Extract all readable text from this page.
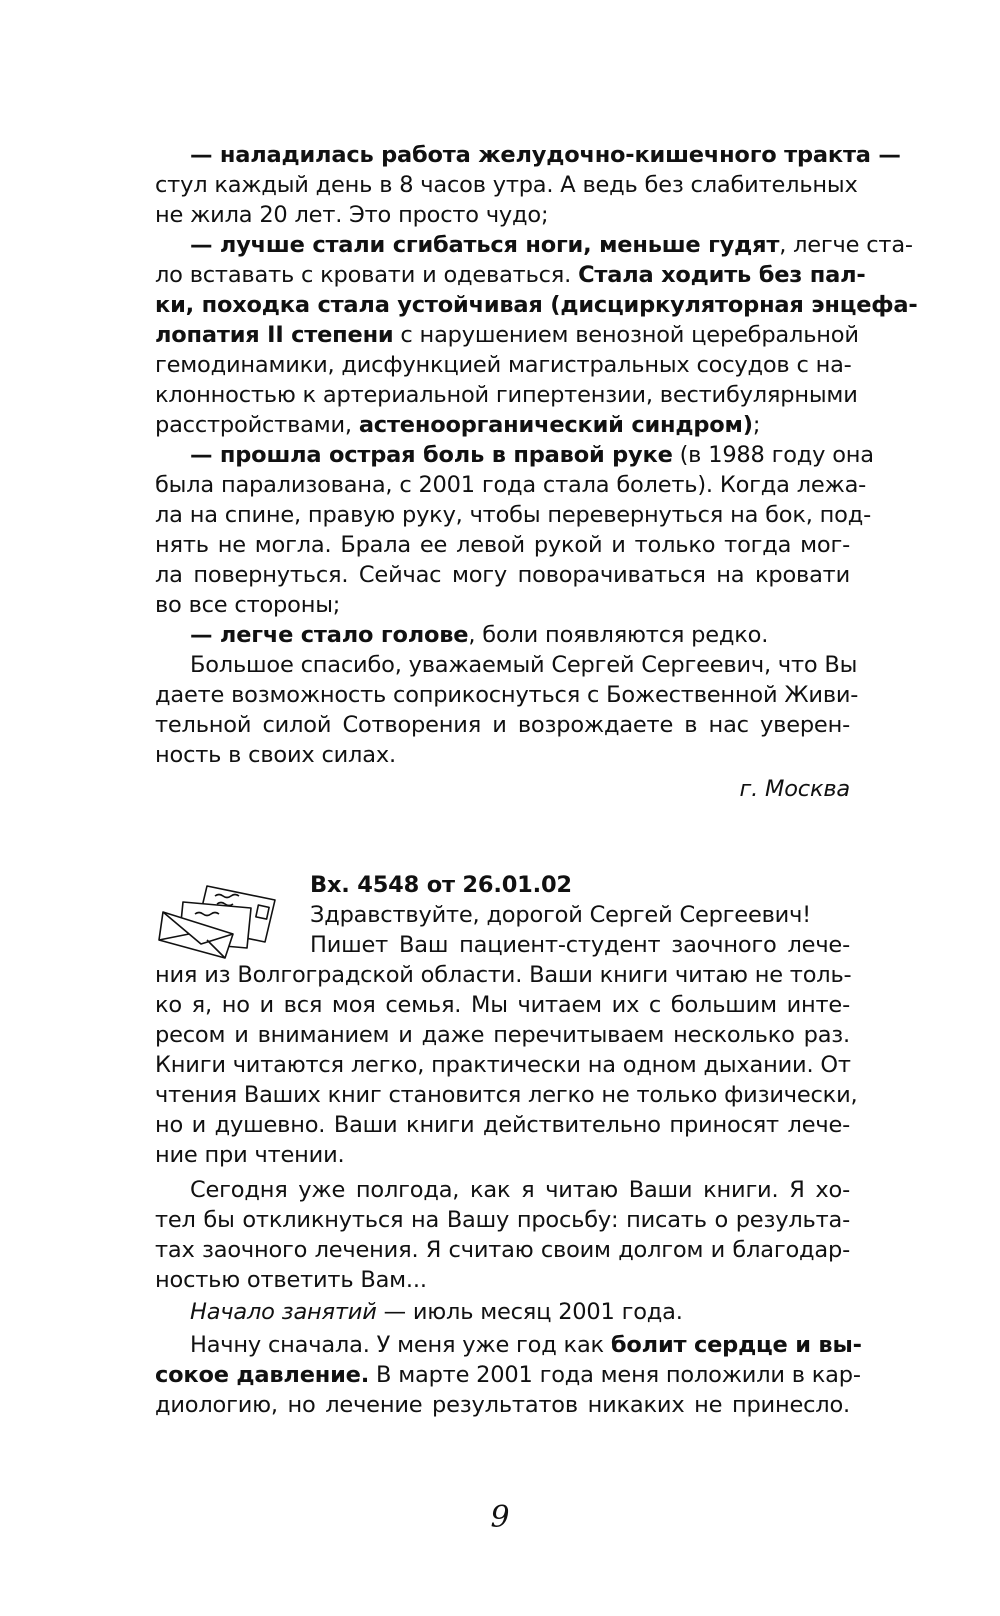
— наладилась работа желудочно-кишечного тракта —
стул каждый день в 8 часов утра. А ведь без слабительных
не жила 20 лет. Это просто чудо;
— лучше стали сгибаться ноги, меньше гудят, легче ста-
ло вставать с кровати и одеваться. Стала ходить без пал-
ки, походка стала устойчивая (дисциркуляторная энцефа-
лопатия II степени с нарушением венозной церебральной
гемодинамики, дисфункцией магистральных сосудов с на-
клонностью к артериальной гипертензии, вестибулярными
расстройствами, астеноорганический синдром);
— прошла острая боль в правой руке (в 1988 году она
была парализована, с 2001 года стала болеть). Когда лежа-
ла на спине, правую руку, чтобы перевернуться на бок, под-
нять не могла. Брала ее левой рукой и только тогда мог-
ла повернуться. Сейчас могу поворачиваться на кровати
во все стороны;
— легче стало голове, боли появляются редко.
Большое спасибо, уважаемый Сергей Сергеевич, что Вы
даете возможность соприкоснуться с Божественной Живи-
тельной силой Сотворения и возрождаете в нас уверен-
ность в своих силах.
г. Москва
Вх. 4548 от 26.01.02
Здравствуйте, дорогой Сергей Сергеевич!
Пишет Ваш пациент-студент заочного лече-
ния из Волгоградской области. Ваши книги читаю не толь-
ко я, но и вся моя семья. Мы читаем их с большим инте-
ресом и вниманием и даже перечитываем несколько раз.
Книги читаются легко, практически на одном дыхании. От
чтения Ваших книг становится легко не только физически,
но и душевно. Ваши книги действительно приносят лече-
ние при чтении.
Сегодня уже полгода, как я читаю Ваши книги. Я хо-
тел бы откликнуться на Вашу просьбу: писать о результа-
тах заочного лечения. Я считаю своим долгом и благодар-
ностью ответить Вам...
Начало занятий — июль месяц 2001 года.
Начну сначала. У меня уже год как болит сердце и вы-
сокое давление. В марте 2001 года меня положили в кар-
диологию, но лечение результатов никаких не принесло.
9
